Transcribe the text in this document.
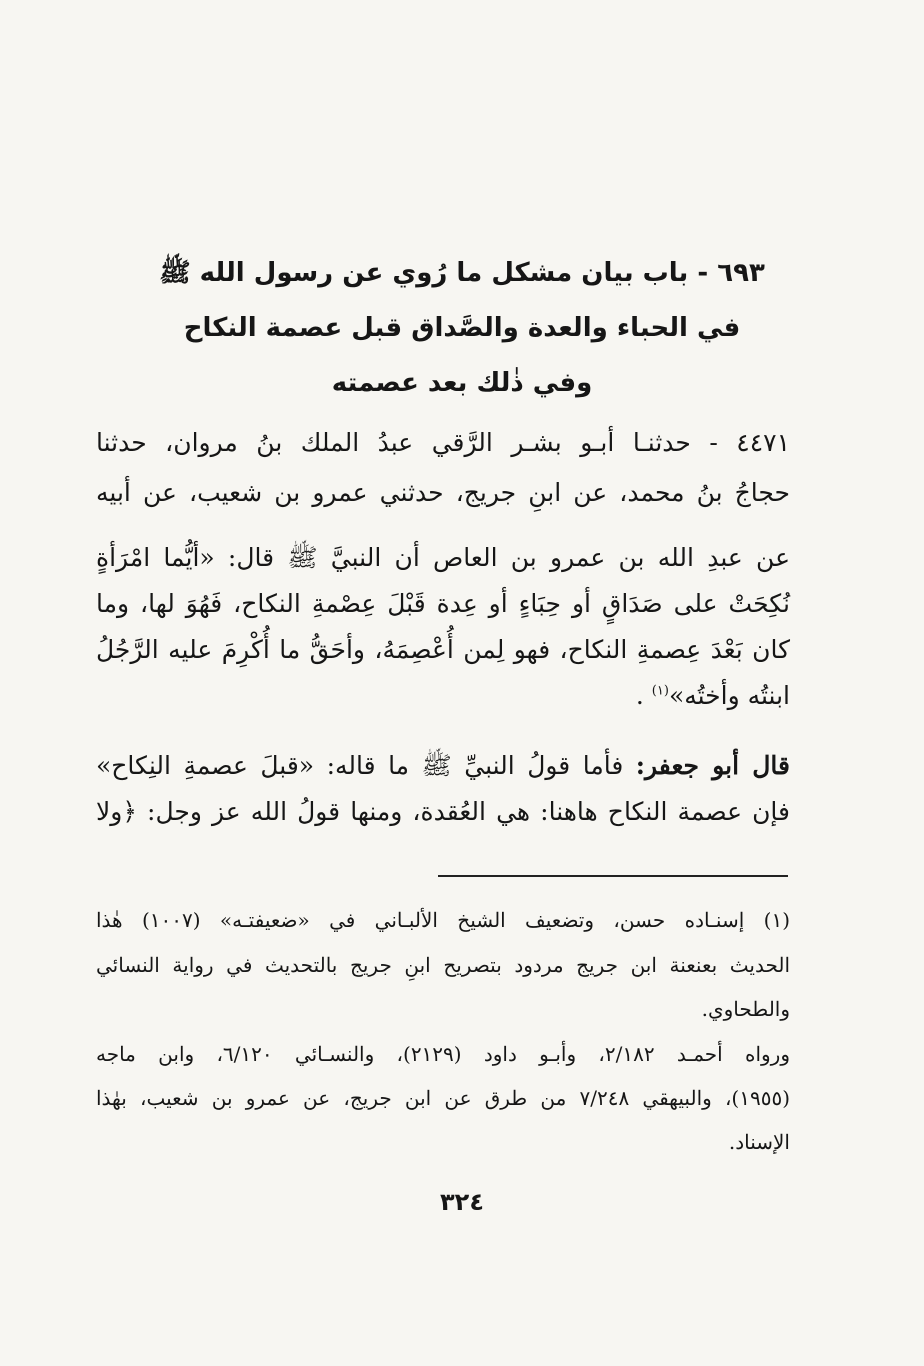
٦٩٣ - باب بيان مشكل ما رُوي عن رسول الله ﷺ
في الحباء والعدة والصَّداق قبل عصمة النكاح
وفي ذٰلك بعد عصمته
٤٤٧١ - حدثنـا أبـو بشـر الرَّقي عبدُ الملك بنُ مروان، حدثنا
حجاجُ بنُ محمد، عن ابنِ جريج، حدثني عمرو بن شعيب، عن أبيه
عن عبدِ الله بن عمرو بن العاص أن النبيَّ ﷺ قال: «أيُّما امْرَأةٍ
نُكِحَتْ على صَدَاقٍ أو حِبَاءٍ أو عِدة قَبْلَ عِصْمةِ النكاح، فَهُوَ لها، وما
كان بَعْدَ عِصمةِ النكاح، فهو لِمن أُعْصِمَهُ، وأحَقُّ ما أُكْرِمَ عليه الرَّجُلُ
ابنتُه وأختُه»$^{(١)}$ .
قال أبو جعفر: فأما قولُ النبيِّ ﷺ ما قاله: «قبلَ عصمةِ النِكاح»
فإن عصمة النكاح هاهنا: هي العُقدة، ومنها قولُ الله عز وجل: ﴿ولا
(١) إسنـاده حسن، وتضعيف الشيخ الألبـاني في «ضعيفتـه» (١٠٠٧) هٰذا
الحديث بعنعنة ابن جريج مردود بتصريح ابنِ جريج بالتحديث في رواية النسائي
والطحاوي.
ورواه أحمـد ٢/١٨٢، وأبـو داود (٢١٢٩)، والنسـائي ٦/١٢٠، وابن ماجه
(١٩٥٥)، والبيهقي ٧/٢٤٨ من طرق عن ابن جريج، عن عمرو بن شعيب، بهٰذا
الإسناد.
٣٢٤
